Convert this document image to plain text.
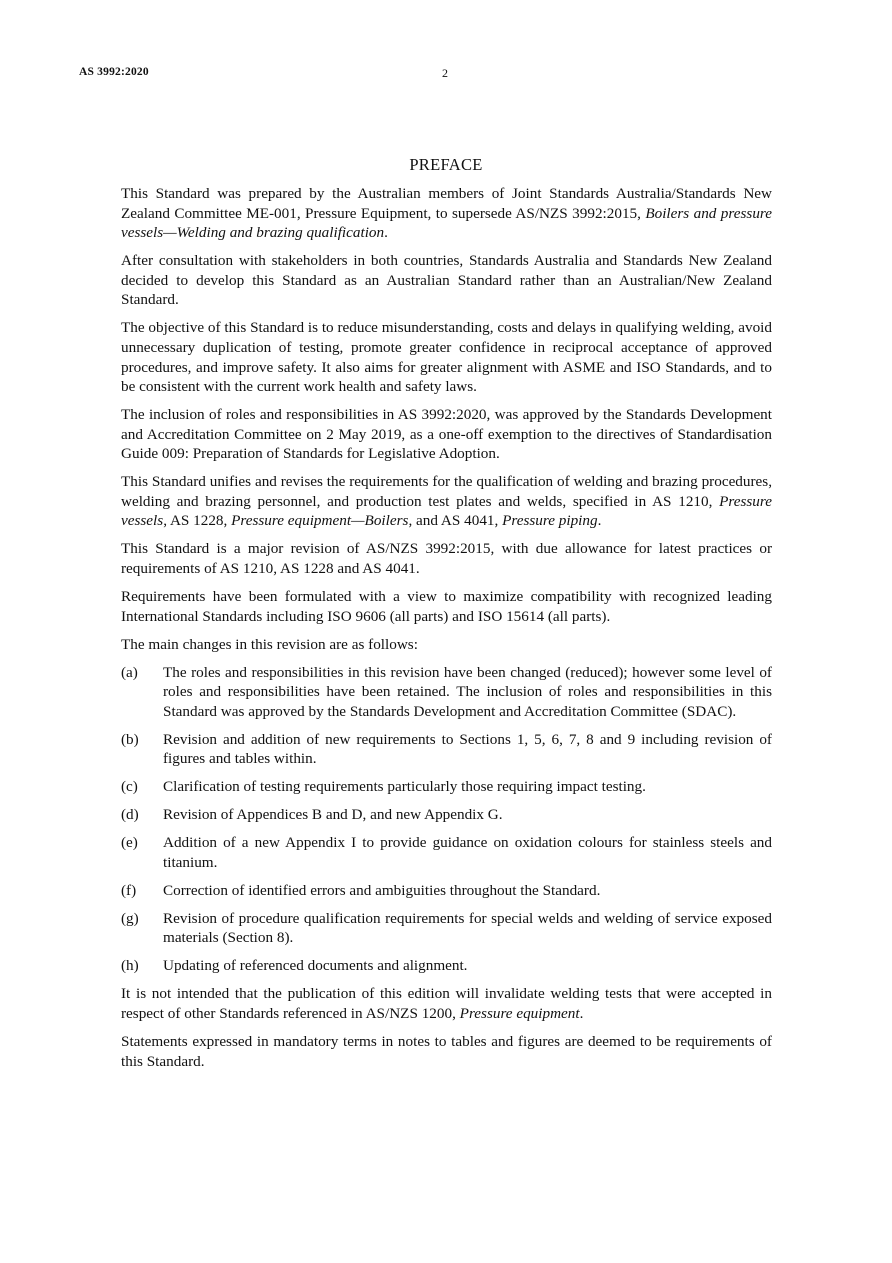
AS 3992:2020	2
PREFACE

This Standard was prepared by the Australian members of Joint Standards Australia/Standards New Zealand Committee ME-001, Pressure Equipment, to supersede AS/NZS 3992:2015, Boilers and pressure vessels—Welding and brazing qualification.

After consultation with stakeholders in both countries, Standards Australia and Standards New Zealand decided to develop this Standard as an Australian Standard rather than an Australian/New Zealand Standard.

The objective of this Standard is to reduce misunderstanding, costs and delays in qualifying welding, avoid unnecessary duplication of testing, promote greater confidence in reciprocal acceptance of approved procedures, and improve safety. It also aims for greater alignment with ASME and ISO Standards, and to be consistent with the current work health and safety laws.

The inclusion of roles and responsibilities in AS 3992:2020, was approved by the Standards Development and Accreditation Committee on 2 May 2019, as a one-off exemption to the directives of Standardisation Guide 009: Preparation of Standards for Legislative Adoption.

This Standard unifies and revises the requirements for the qualification of welding and brazing procedures, welding and brazing personnel, and production test plates and welds, specified in AS 1210, Pressure vessels, AS 1228, Pressure equipment—Boilers, and AS 4041, Pressure piping.

This Standard is a major revision of AS/NZS 3992:2015, with due allowance for latest practices or requirements of AS 1210, AS 1228 and AS 4041.

Requirements have been formulated with a view to maximize compatibility with recognized leading International Standards including ISO 9606 (all parts) and ISO 15614 (all parts).

The main changes in this revision are as follows:

(a)	The roles and responsibilities in this revision have been changed (reduced); however some level of roles and responsibilities have been retained. The inclusion of roles and responsibilities in this Standard was approved by the Standards Development and Accreditation Committee (SDAC).
(b)	Revision and addition of new requirements to Sections 1, 5, 6, 7, 8 and 9 including revision of figures and tables within.
(c)	Clarification of testing requirements particularly those requiring impact testing.
(d)	Revision of Appendices B and D, and new Appendix G.
(e)	Addition of a new Appendix I to provide guidance on oxidation colours for stainless steels and titanium.
(f)	Correction of identified errors and ambiguities throughout the Standard.
(g)	Revision of procedure qualification requirements for special welds and welding of service exposed materials (Section 8).
(h)	Updating of referenced documents and alignment.

It is not intended that the publication of this edition will invalidate welding tests that were accepted in respect of other Standards referenced in AS/NZS 1200, Pressure equipment.

Statements expressed in mandatory terms in notes to tables and figures are deemed to be requirements of this Standard.
